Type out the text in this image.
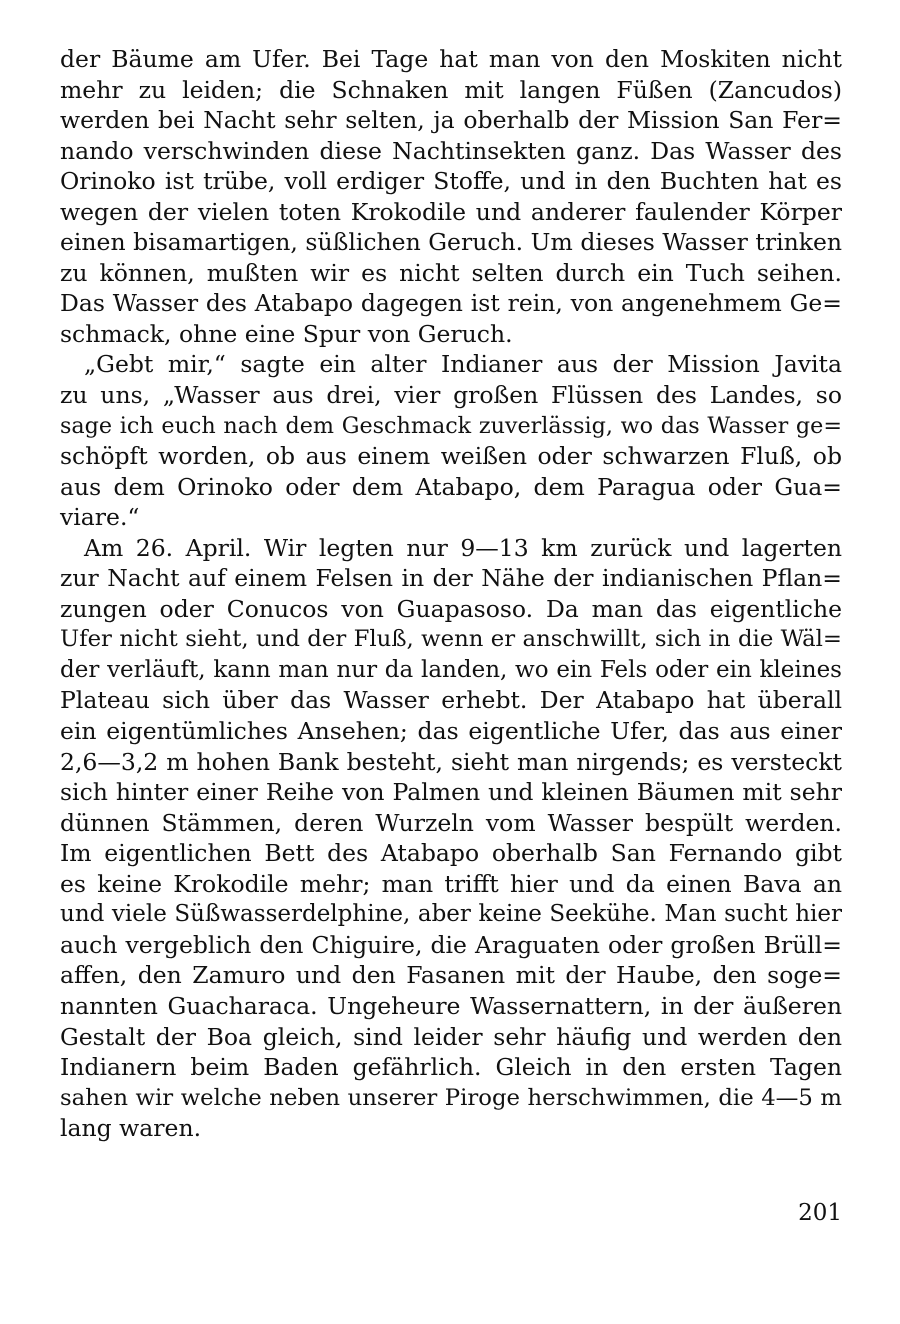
der Bäume am Ufer. Bei Tage hat man von den Moskiten nicht
mehr zu leiden; die Schnaken mit langen Füßen (Zancudos)
werden bei Nacht sehr selten, ja oberhalb der Mission San Fer=
nando verschwinden diese Nachtinsekten ganz. Das Wasser des
Orinoko ist trübe, voll erdiger Stoffe, und in den Buchten hat es
wegen der vielen toten Krokodile und anderer faulender Körper
einen bisamartigen, süßlichen Geruch. Um dieses Wasser trinken
zu können, mußten wir es nicht selten durch ein Tuch seihen.
Das Wasser des Atabapo dagegen ist rein, von angenehmem Ge=
schmack, ohne eine Spur von Geruch.
„Gebt mir,“ sagte ein alter Indianer aus der Mission Javita
zu uns, „Wasser aus drei, vier großen Flüssen des Landes, so
sage ich euch nach dem Geschmack zuverlässig, wo das Wasser ge=
schöpft worden, ob aus einem weißen oder schwarzen Fluß, ob
aus dem Orinoko oder dem Atabapo, dem Paragua oder Gua=
viare.“
Am 26. April. Wir legten nur 9—13 km zurück und lagerten
zur Nacht auf einem Felsen in der Nähe der indianischen Pflan=
zungen oder Conucos von Guapasoso. Da man das eigentliche
Ufer nicht sieht, und der Fluß, wenn er anschwillt, sich in die Wäl=
der verläuft, kann man nur da landen, wo ein Fels oder ein kleines
Plateau sich über das Wasser erhebt. Der Atabapo hat überall
ein eigentümliches Ansehen; das eigentliche Ufer, das aus einer
2,6—3,2 m hohen Bank besteht, sieht man nirgends; es versteckt
sich hinter einer Reihe von Palmen und kleinen Bäumen mit sehr
dünnen Stämmen, deren Wurzeln vom Wasser bespült werden.
Im eigentlichen Bett des Atabapo oberhalb San Fernando gibt
es keine Krokodile mehr; man trifft hier und da einen Bava an
und viele Süßwasserdelphine, aber keine Seekühe. Man sucht hier
auch vergeblich den Chiguire, die Araguaten oder großen Brüll=
affen, den Zamuro und den Fasanen mit der Haube, den soge=
nannten Guacharaca. Ungeheure Wassernattern, in der äußeren
Gestalt der Boa gleich, sind leider sehr häufig und werden den
Indianern beim Baden gefährlich. Gleich in den ersten Tagen
sahen wir welche neben unserer Piroge herschwimmen, die 4—5 m
lang waren.
201
